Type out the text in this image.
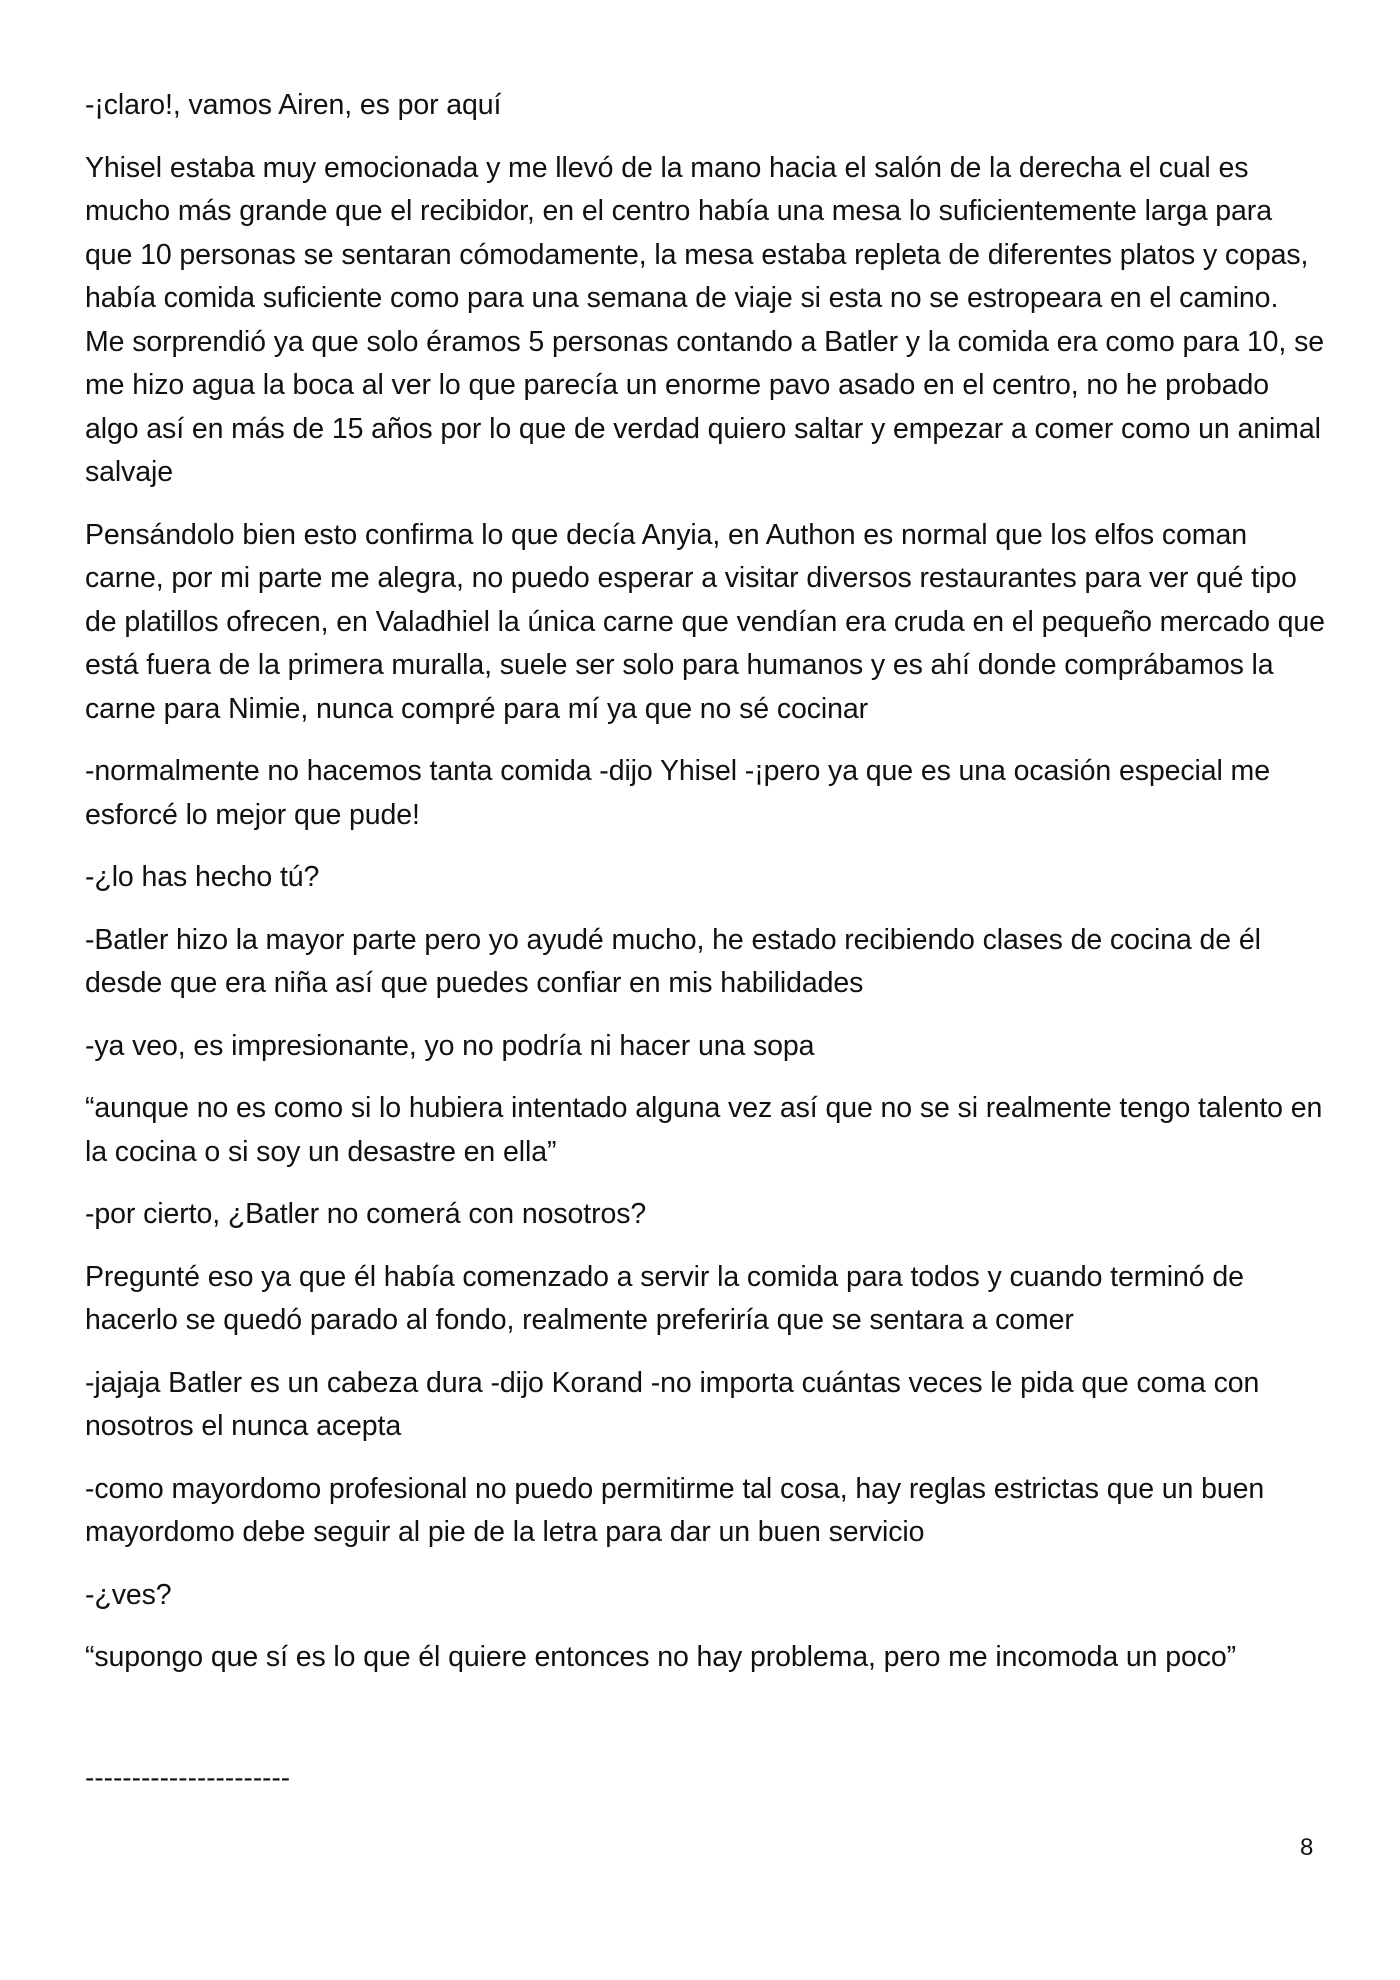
-¡claro!, vamos Airen, es por aquí

Yhisel estaba muy emocionada y me llevó de la mano hacia el salón de la derecha el cual es mucho más grande que el recibidor, en el centro había una mesa lo suficientemente larga para que 10 personas se sentaran cómodamente, la mesa estaba repleta de diferentes platos y copas, había comida suficiente como para una semana de viaje si esta no se estropeara en el camino. Me sorprendió ya que solo éramos 5 personas contando a Batler y la comida era como para 10, se me hizo agua la boca al ver lo que parecía un enorme pavo asado en el centro, no he probado algo así en más de 15 años por lo que de verdad quiero saltar y empezar a comer como un animal salvaje

Pensándolo bien esto confirma lo que decía Anyia, en Authon es normal que los elfos coman carne, por mi parte me alegra, no puedo esperar a visitar diversos restaurantes para ver qué tipo de platillos ofrecen, en Valadhiel la única carne que vendían era cruda en el pequeño mercado que está fuera de la primera muralla, suele ser solo para humanos y es ahí donde comprábamos la carne para Nimie, nunca compré para mí ya que no sé cocinar

-normalmente no hacemos tanta comida -dijo Yhisel -¡pero ya que es una ocasión especial me esforcé lo mejor que pude!

-¿lo has hecho tú?

-Batler hizo la mayor parte pero yo ayudé mucho, he estado recibiendo clases de cocina de él desde que era niña así que puedes confiar en mis habilidades

-ya veo, es impresionante, yo no podría ni hacer una sopa

“aunque no es como si lo hubiera intentado alguna vez así que no se si realmente tengo talento en la cocina o si soy un desastre en ella”

-por cierto, ¿Batler no comerá con nosotros?

Pregunté eso ya que él había comenzado a servir la comida para todos y cuando terminó de hacerlo se quedó parado al fondo, realmente preferiría que se sentara a comer

-jajaja Batler es un cabeza dura -dijo Korand -no importa cuántas veces le pida que coma con nosotros el nunca acepta

-como mayordomo profesional no puedo permitirme tal cosa, hay reglas estrictas que un buen mayordomo debe seguir al pie de la letra para dar un buen servicio

-¿ves?

“supongo que sí es lo que él quiere entonces no hay problema, pero me incomoda un poco”

----------------------
8
